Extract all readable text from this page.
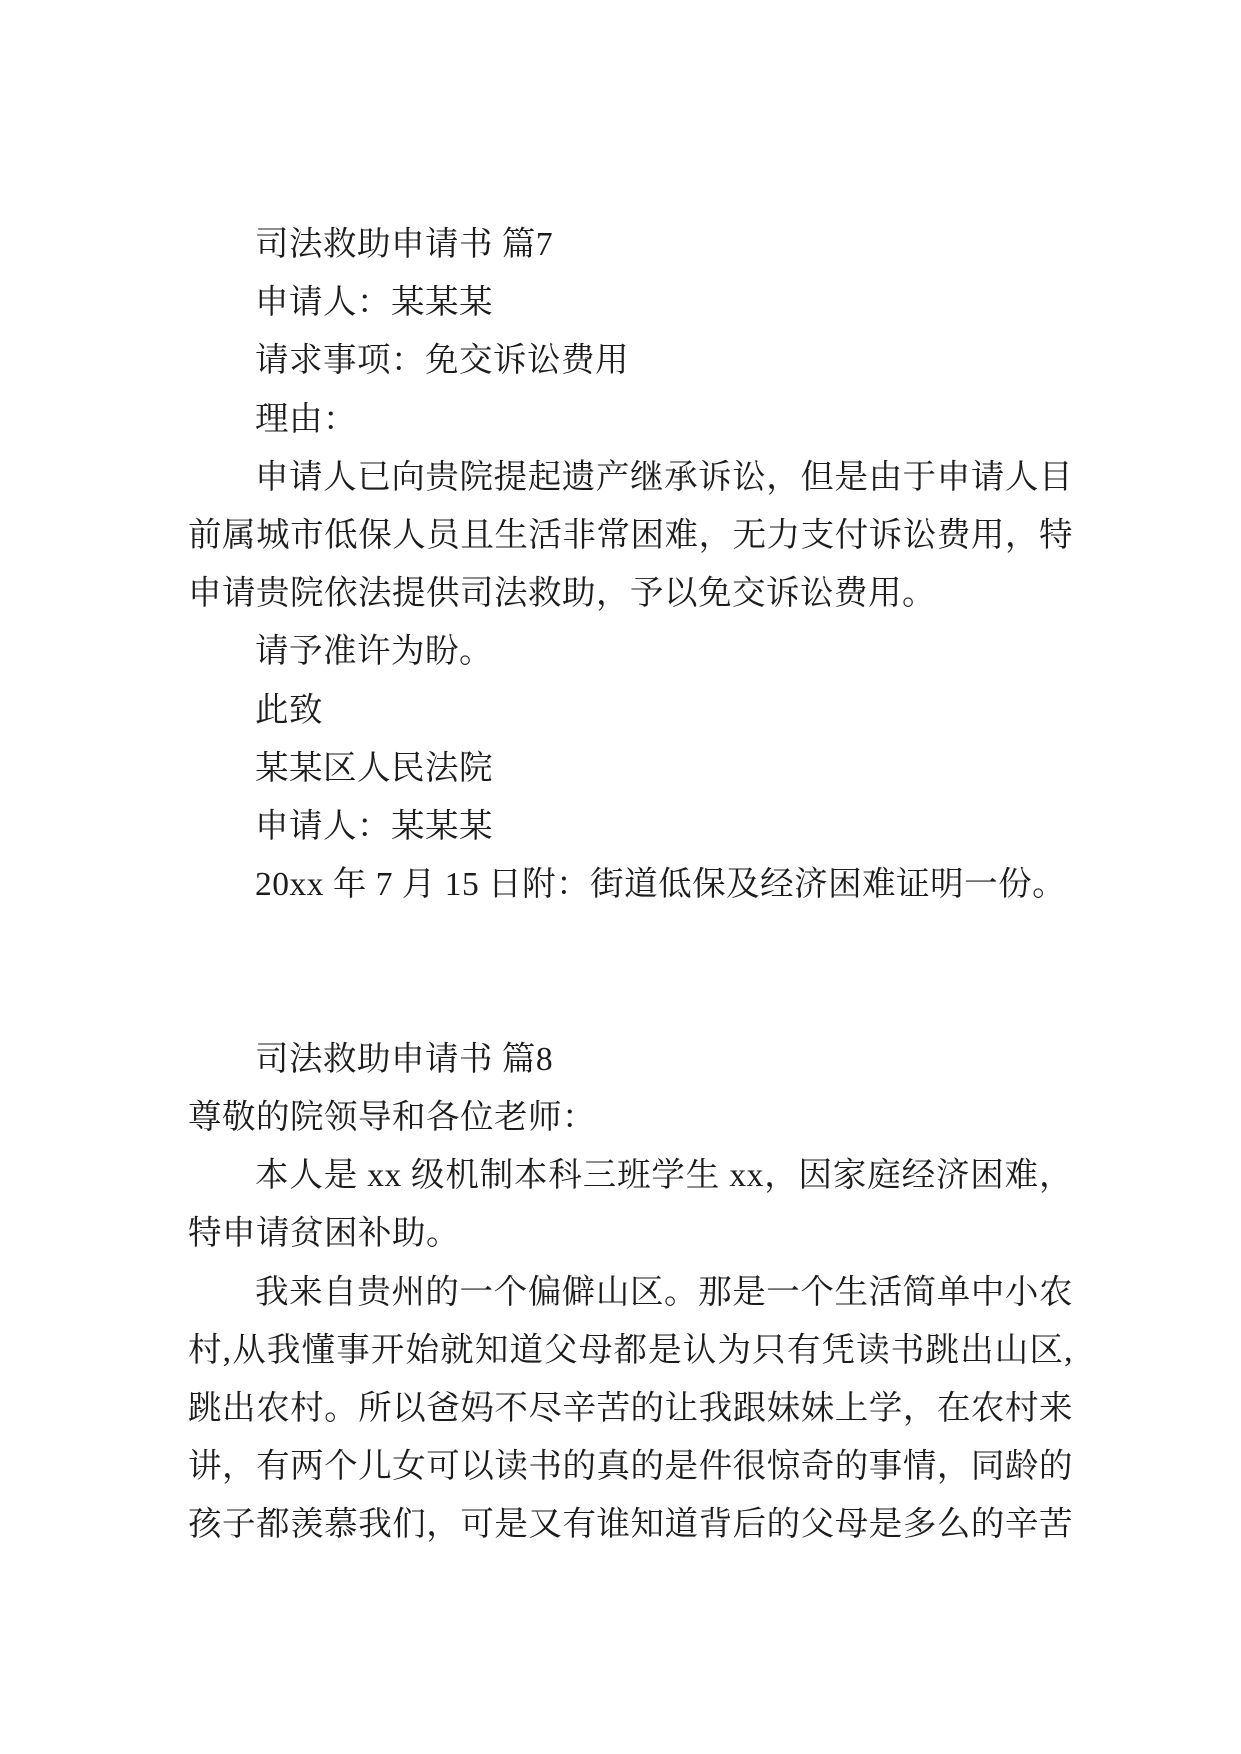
司法救助申请书 篇7
申请人：某某某
请求事项：免交诉讼费用
理由：
申请人已向贵院提起遗产继承诉讼，但是由于申请人目
前属城市低保人员且生活非常困难，无力支付诉讼费用，特
申请贵院依法提供司法救助，予以免交诉讼费用。
请予准许为盼。
此致
某某区人民法院
申请人：某某某
20xx 年 7 月 15 日附：街道低保及经济困难证明一份。
司法救助申请书 篇8
尊敬的院领导和各位老师：
本人是 xx 级机制本科三班学生 xx，因家庭经济困难，
特申请贫困补助。
我来自贵州的一个偏僻山区。那是一个生活简单中小农
村,从我懂事开始就知道父母都是认为只有凭读书跳出山区,
跳出农村。所以爸妈不尽辛苦的让我跟妹妹上学，在农村来
讲，有两个儿女可以读书的真的是件很惊奇的事情，同龄的
孩子都羡慕我们，可是又有谁知道背后的父母是多么的辛苦
